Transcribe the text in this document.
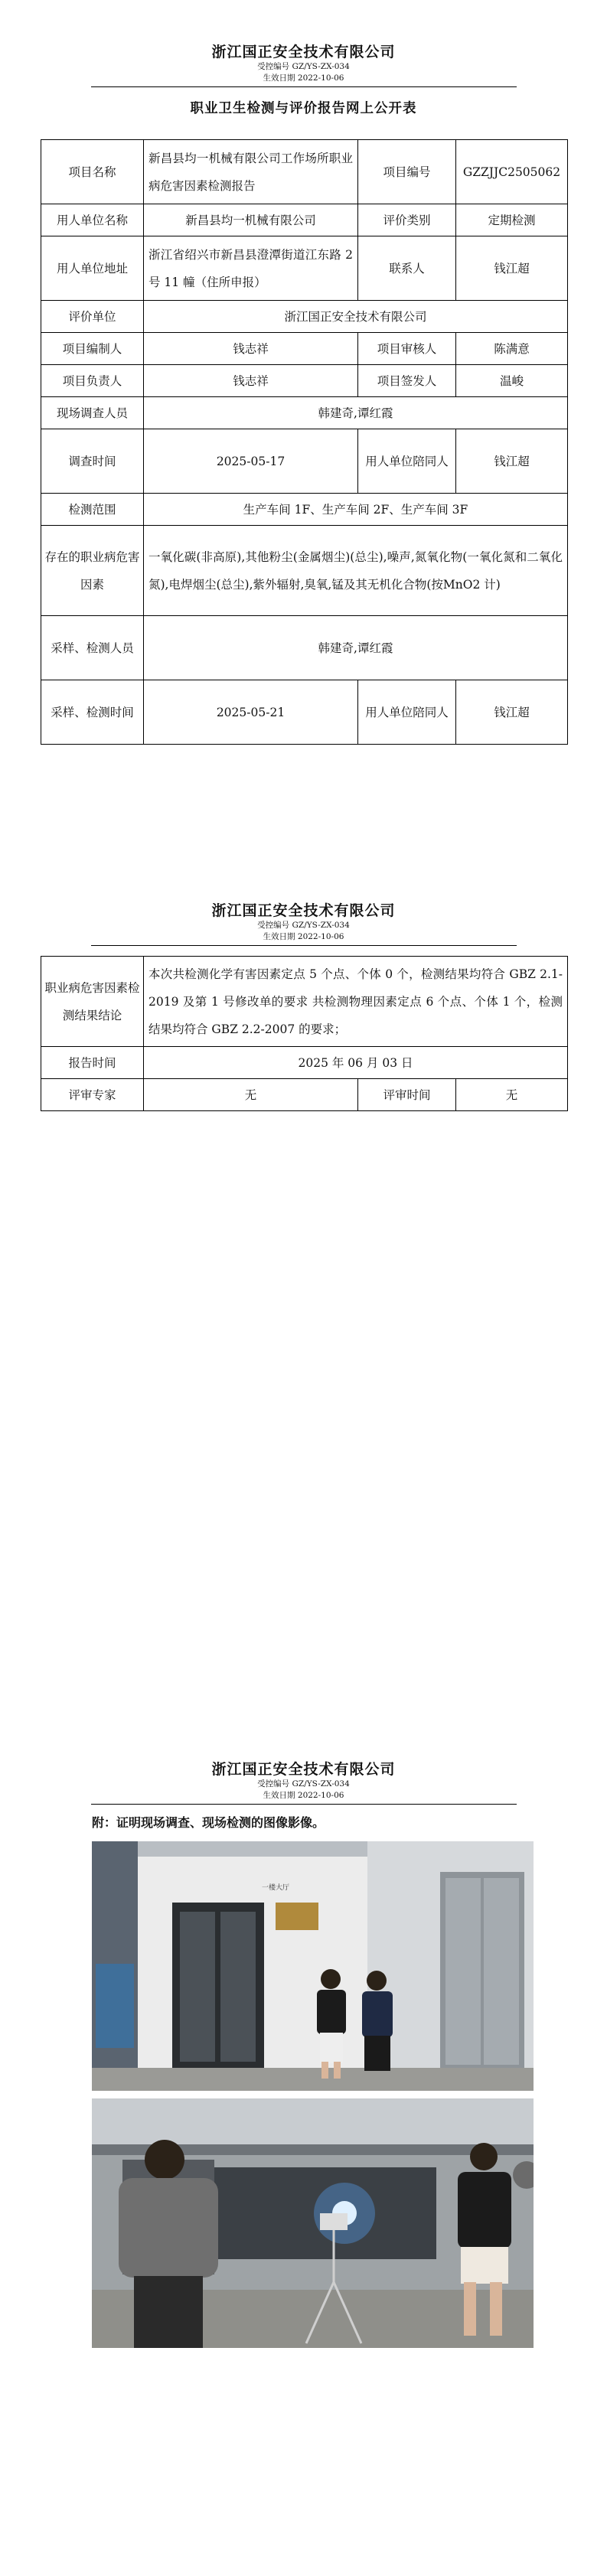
浙江国正安全技术有限公司
受控编号 GZ/YS-ZX-034
生效日期 2022-10-06
职业卫生检测与评价报告网上公开表
项目名称	新昌县均一机械有限公司工作场所职业病危害因素检测报告	项目编号	GZZJJC2505062
用人单位名称	新昌县均一机械有限公司	评价类别	定期检测
用人单位地址	浙江省绍兴市新昌县澄潭街道江东路 2 号 11 幢（住所申报）	联系人	钱江超
评价单位	浙江国正安全技术有限公司		
项目编制人	钱志祥	项目审核人	陈满意
项目负责人	钱志祥	项目签发人	温峻
现场调查人员	韩建奇,谭红霞		
调查时间	2025-05-17	用人单位陪同人	钱江超
检测范围	生产车间 1F、生产车间 2F、生产车间 3F		
存在的职业病危害因素	一氧化碳(非高原),其他粉尘(金属烟尘)(总尘),噪声,氮氧化物(一氧化氮和二氧化氮),电焊烟尘(总尘),紫外辐射,臭氧,锰及其无机化合物(按MnO2 计)		
采样、检测人员	韩建奇,谭红霞		
采样、检测时间	2025-05-21	用人单位陪同人	钱江超
浙江国正安全技术有限公司
受控编号 GZ/YS-ZX-034
生效日期 2022-10-06
职业病危害因素检测结果结论	本次共检测化学有害因素定点 5 个点、个体 0 个，检测结果均符合 GBZ 2.1-2019 及第 1 号修改单的要求 共检测物理因素定点 6 个点、个体 1 个，检测结果均符合 GBZ 2.2-2007 的要求；		
报告时间	2025 年 06 月 03 日		
评审专家	无	评审时间	无
浙江国正安全技术有限公司
受控编号 GZ/YS-ZX-034
生效日期 2022-10-06
附：证明现场调查、现场检测的图像影像。
一楼大厅
